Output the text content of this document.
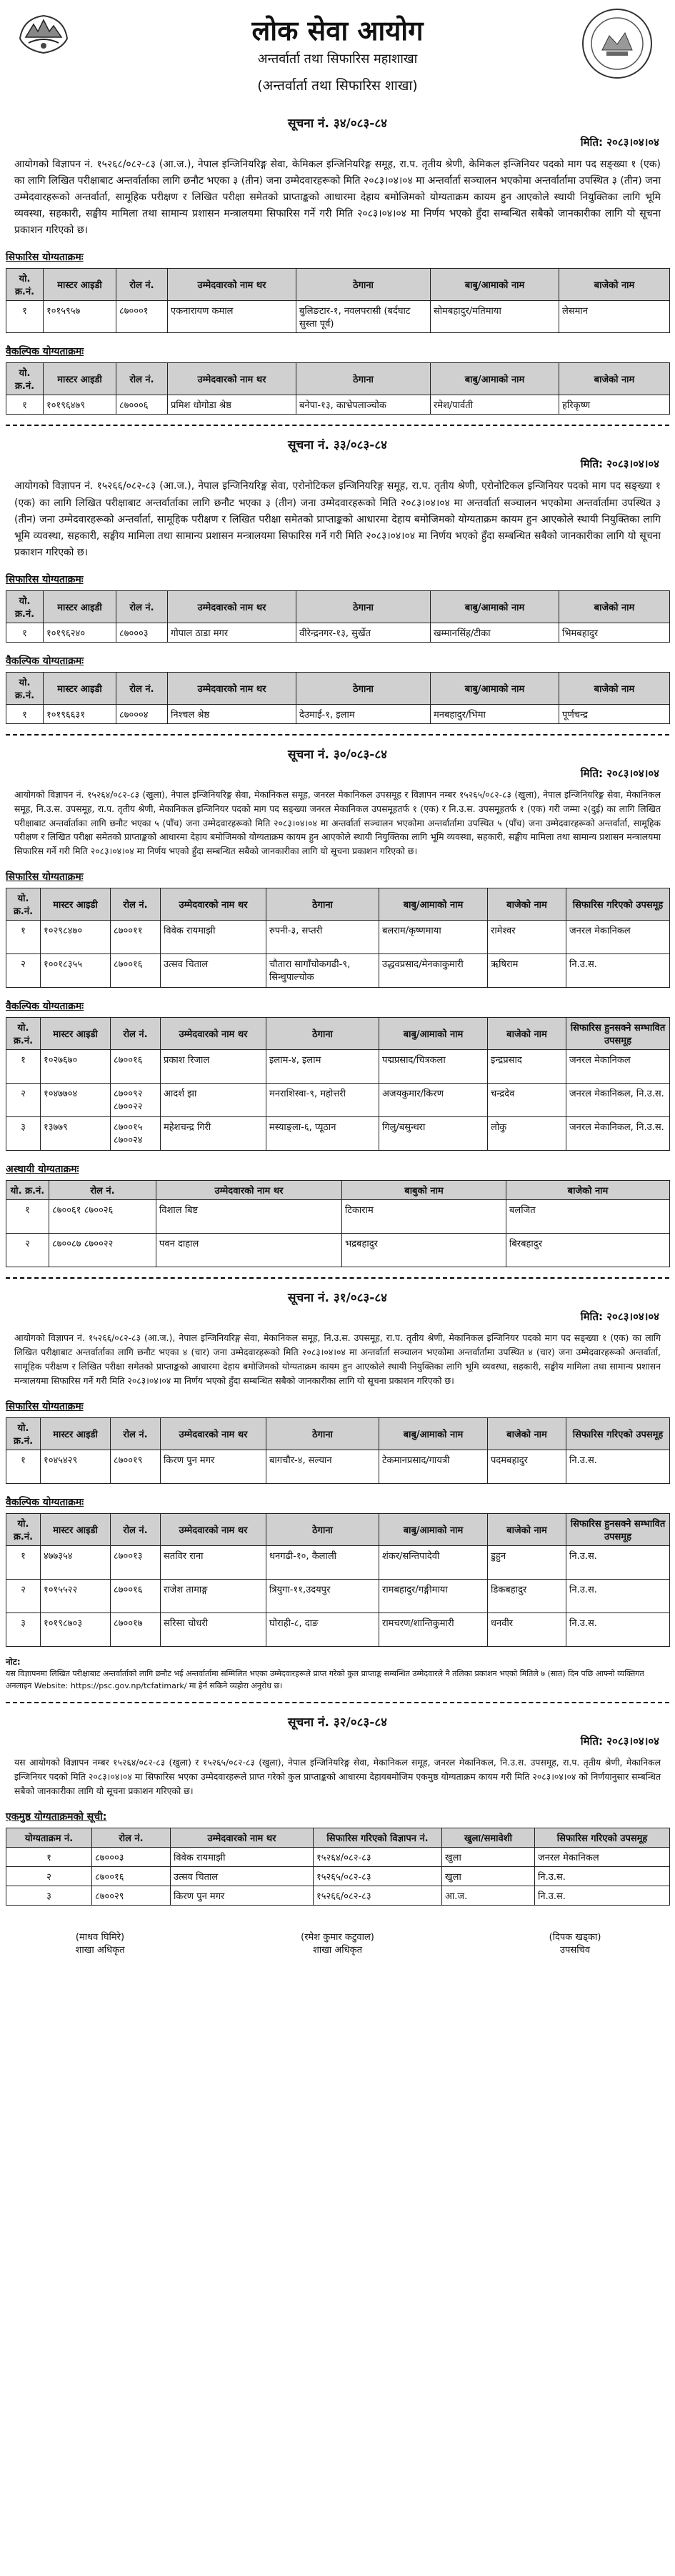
लोक सेवा आयोग
अन्तर्वार्ता तथा सिफारिस महाशाखा
(अन्तर्वार्ता तथा सिफारिस शाखा)
सूचना नं. ३४/०८३-८४
मिति: २०८३।०४।०४
आयोगको विज्ञापन नं. १५२६८/०८२-८३ (आ.ज.), नेपाल इन्जिनियरिङ्ग सेवा, केमिकल इन्जिनियरिङ्ग समूह, रा.प. तृतीय श्रेणी, केमिकल इन्जिनियर पदको माग पद सङ्ख्या १ (एक) का लागि लिखित परीक्षाबाट अन्तर्वार्ताका लागि छनौट भएका ३ (तीन) जना उम्मेदवारहरूको मिति २०८३।०४।०४ मा अन्तर्वार्ता सञ्चालन भएकोमा अन्तर्वार्तामा उपस्थित ३ (तीन) जना उम्मेदवारहरूको अन्तर्वार्ता, सामूहिक परीक्षण र लिखित परीक्षा समेतको प्राप्ताङ्कको आधारमा देहाय बमोजिमको योग्यताक्रम कायम हुन आएकोले स्थायी नियुक्तिका लागि भूमि व्यवस्था, सहकारी, सङ्घीय मामिला तथा सामान्य प्रशासन मन्त्रालयमा सिफारिस गर्ने गरी मिति २०८३।०४।०४ मा निर्णय भएको हुँदा सम्बन्धित सबैको जानकारीका लागि यो सूचना प्रकाशन गरिएको छ।
सिफारिस योग्यताक्रमः
यो. क्र.नं.	मास्टर आइडी	रोल नं.	उम्मेदवारको नाम थर	ठेगाना	बाबु/आमाको नाम	बाजेको नाम
१	१०१५९५७	८७०००१	एकनारायण कमाल	बुलिङटार-१, नवलपरासी (बर्दघाट सुस्ता पूर्व)	सोमबहादुर/मतिमाया	लेसमान
वैकल्पिक योग्यताक्रमः
यो. क्र.नं.	मास्टर आइडी	रोल नं.	उम्मेदवारको नाम थर	ठेगाना	बाबु/आमाको नाम	बाजेको नाम
१	१०१९६४७९	८७०००६	प्रमिश धोगोडा श्रेष्ठ	बनेपा-१३, काभ्रेपलाञ्चोक	रमेश/पार्वती	हरिकृष्ण
सूचना नं. ३३/०८३-८४
मिति: २०८३।०४।०४
आयोगको विज्ञापन नं. १५२६६/०८२-८३ (आ.ज.), नेपाल इन्जिनियरिङ्ग सेवा, एरोनोटिकल इन्जिनियरिङ्ग समूह, रा.प. तृतीय श्रेणी, एरोनोटिकल इन्जिनियर पदको माग पद सङ्ख्या १ (एक) का लागि लिखित परीक्षाबाट अन्तर्वार्ताका लागि छनौट भएका ३ (तीन) जना उम्मेदवारहरूको मिति २०८३।०४।०४ मा अन्तर्वार्ता सञ्चालन भएकोमा अन्तर्वार्तामा उपस्थित ३ (तीन) जना उम्मेदवारहरूको अन्तर्वार्ता, सामूहिक परीक्षण र लिखित परीक्षा समेतको प्राप्ताङ्कको आधारमा देहाय बमोजिमको योग्यताक्रम कायम हुन आएकोले स्थायी नियुक्तिका लागि भूमि व्यवस्था, सहकारी, सङ्घीय मामिला तथा सामान्य प्रशासन मन्त्रालयमा सिफारिस गर्ने गरी मिति २०८३।०४।०४ मा निर्णय भएको हुँदा सम्बन्धित सबैको जानकारीका लागि यो सूचना प्रकाशन गरिएको छ।
सिफारिस योग्यताक्रमः
यो. क्र.नं.	मास्टर आइडी	रोल नं.	उम्मेदवारको नाम थर	ठेगाना	बाबु/आमाको नाम	बाजेको नाम
१	१०१९६२४०	८७०००३	गोपाल ठाडा मगर	वीरेन्द्रनगर-१३, सुर्खेत	खम्मानसिंह/टीका	भिमबहादुर
वैकल्पिक योग्यताक्रमः
यो. क्र.नं.	मास्टर आइडी	रोल नं.	उम्मेदवारको नाम थर	ठेगाना	बाबु/आमाको नाम	बाजेको नाम
१	१०१९६६३१	८७०००४	निश्चल श्रेष्ठ	देउमाई-१, इलाम	मनबहादुर/भिमा	पूर्णचन्द्र
सूचना नं. ३०/०८३-८४
मिति: २०८३।०४।०४
आयोगको विज्ञापन नं. १५२६४/०८२-८३ (खुला), नेपाल इन्जिनियरिङ्ग सेवा, मेकानिकल समूह, जनरल मेकानिकल उपसमूह र विज्ञापन नम्बर १५२६५/०८२-८३ (खुला), नेपाल इन्जिनियरिङ्ग सेवा, मेकानिकल समूह, नि.उ.स. उपसमूह, रा.प. तृतीय श्रेणी, मेकानिकल इन्जिनियर पदको माग पद सङ्ख्या जनरल मेकानिकल उपसमूहतर्फ १ (एक) र नि.उ.स. उपसमूहतर्फ १ (एक) गरी जम्मा २(दुई) का लागि लिखित परीक्षाबाट अन्तर्वार्ताका लागि छनौट भएका ५ (पाँच) जना उम्मेदवारहरूको मिति २०८३।०४।०४ मा अन्तर्वार्ता सञ्चालन भएकोमा अन्तर्वार्तामा उपस्थित ५ (पाँच) जना उम्मेदवारहरूको अन्तर्वार्ता, सामूहिक परीक्षण र लिखित परीक्षा समेतको प्राप्ताङ्कको आधारमा देहाय बमोजिमको योग्यताक्रम कायम हुन आएकोले स्थायी नियुक्तिका लागि भूमि व्यवस्था, सहकारी, सङ्घीय मामिला तथा सामान्य प्रशासन मन्त्रालयमा सिफारिस गर्ने गरी मिति २०८३।०४।०४ मा निर्णय भएको हुँदा सम्बन्धित सबैको जानकारीका लागि यो सूचना प्रकाशन गरिएको छ।
सिफारिस योग्यताक्रमः
यो. क्र.नं.	मास्टर आइडी	रोल नं.	उम्मेदवारको नाम थर	ठेगाना	बाबु/आमाको नाम	बाजेको नाम	सिफारिस गरिएको उपसमूह
१	१०२९८४७०	८७००११	विवेक रायमाझी	रुपनी-३, सप्तरी	बलराम/कृष्णमाया	रामेश्वर	जनरल मेकानिकल
२	१००१८३५५	८७००१६	उत्सव चिताल	चौतारा सागाँचोकगढी-९, सिन्धुपाल्चोक	उद्धवप्रसाद/मेनकाकुमारी	ऋषिराम	नि.उ.स.
वैकल्पिक योग्यताक्रमः
यो. क्र.नं.	मास्टर आइडी	रोल नं.	उम्मेदवारको नाम थर	ठेगाना	बाबु/आमाको नाम	बाजेको नाम	सिफारिस हुनसक्ने सम्भावित उपसमूह
१	१०२७६७०	८७००१६	प्रकाश रिजाल	इलाम-४, इलाम	पद्मप्रसाद/चित्रकला	इन्द्रप्रसाद	जनरल मेकानिकल
२	१०४७७०४	८७००९२ ८७००२२	आदर्श झा	मनराशिस्वा-९, महोत्तरी	अजयकुमार/किरण	चन्द्रदेव	जनरल मेकानिकल, नि.उ.स.
३	१३७७९	८७००१५ ८७००२४	महेशचन्द्र गिरी	मस्याङ्ला-६, प्यूठान	गिलु/बसुन्धरा	लोकु	जनरल मेकानिकल, नि.उ.स.
अस्थायी योग्यताक्रमः
यो. क्र.नं.	रोल नं.	उम्मेदवारको नाम थर	बाबुको नाम	बाजेको नाम
१	८७००६१ ८७००२६	विशाल बिष्ट	टिकाराम	बलजित
२	८७००८७ ८७००२२	पवन दाहाल	भद्रबहादुर	बिरबहादुर
सूचना नं. ३१/०८३-८४
मिति: २०८३।०४।०४
आयोगको विज्ञापन नं. १५२६६/०८२-८३ (आ.ज.), नेपाल इन्जिनियरिङ्ग सेवा, मेकानिकल समूह, नि.उ.स. उपसमूह, रा.प. तृतीय श्रेणी, मेकानिकल इन्जिनियर पदको माग पद सङ्ख्या १ (एक) का लागि लिखित परीक्षाबाट अन्तर्वार्ताका लागि छनौट भएका ४ (चार) जना उम्मेदवारहरूको मिति २०८३।०४।०४ मा अन्तर्वार्ता सञ्चालन भएकोमा अन्तर्वार्तामा उपस्थित ४ (चार) जना उम्मेदवारहरूको अन्तर्वार्ता, सामूहिक परीक्षण र लिखित परीक्षा समेतको प्राप्ताङ्कको आधारमा देहाय बमोजिमको योग्यताक्रम कायम हुन आएकोले स्थायी नियुक्तिका लागि भूमि व्यवस्था, सहकारी, सङ्घीय मामिला तथा सामान्य प्रशासन मन्त्रालयमा सिफारिस गर्ने गरी मिति २०८३।०४।०४ मा निर्णय भएको हुँदा सम्बन्धित सबैको जानकारीका लागि यो सूचना प्रकाशन गरिएको छ।
सिफारिस योग्यताक्रमः
यो. क्र.नं.	मास्टर आइडी	रोल नं.	उम्मेदवारको नाम थर	ठेगाना	बाबु/आमाको नाम	बाजेको नाम	सिफारिस गरिएको उपसमूह
१	१०४५४२९	८७००१९	किरण पुन मगर	बागचौर-४, सल्यान	टेकमानप्रसाद/गायत्री	पदमबहादुर	नि.उ.स.
वैकल्पिक योग्यताक्रमः
यो. क्र.नं.	मास्टर आइडी	रोल नं.	उम्मेदवारको नाम थर	ठेगाना	बाबु/आमाको नाम	बाजेको नाम	सिफारिस हुनसक्ने सम्भावित उपसमूह
१	४७७३५४	८७००१३	सतविर राना	धनगढी-१०, कैलाली	शंकर/सन्तिपादेवी	डुहुन	नि.उ.स.
२	१०१५५२२	८७००१६	राजेश तामाङ्ग	त्रियुगा-११,उदयपुर	रामबहादुर/गङ्गीमाया	डिकबहादुर	नि.उ.स.
३	१०१९८७०३	८७००१७	सरिसा चोधरी	घोराही-८, दाङ	रामचरण/शान्तिकुमारी	धनवीर	नि.उ.स.
नोट:
यस विज्ञापनमा लिखित परीक्षाबाट अन्तर्वार्ताको लागि छनौट भई अन्तर्वार्तामा सम्मिलित भएका उम्मेदवारहरूले प्राप्त गरेको कुल प्राप्ताङ्क सम्बन्धित उम्मेदवारले नै तलिका प्रकाशन भएको मितिले ७ (सात) दिन पछि आफ्नो व्यक्तिगत अनलाइन Website: https://psc.gov.np/tcfatimark/ मा हेर्न सकिने व्यहोरा अनुरोध छ।
सूचना नं. ३२/०८३-८४
मिति: २०८३।०४।०४
यस आयोगको विज्ञापन नम्बर १५२६४/०८२-८३ (खुला) र १५२६५/०८२-८३ (खुला), नेपाल इन्जिनियरिङ्ग सेवा, मेकानिकल समूह, जनरल मेकानिकल, नि.उ.स. उपसमूह, रा.प. तृतीय श्रेणी, मेकानिकल इन्जिनियर पदको मिति २०८३।०४।०४ मा सिफारिस भएका उम्मेदवारहरूले प्राप्त गरेको कुल प्राप्ताङ्कको आधारमा देहायबमोजिम एकमुष्ठ योग्यताक्रम कायम गरी मिति २०८३।०४।०४ को निर्णयानुसार सम्बन्धित सबैको जानकारीका लागि यो सूचना प्रकाशन गरिएको छ।
एकमुष्ठ योग्यताक्रमको सूची:
योग्यताक्रम नं.	रोल नं.	उम्मेदवारको नाम थर	सिफारिस गरिएको विज्ञापन नं.	खुला/समावेशी	सिफारिस गरिएको उपसमूह
१	८७०००३	विवेक रायमाझी	१५२६४/०८२-८३	खुला	जनरल मेकानिकल
२	८७००१६	उत्सव चिताल	१५२६५/०८२-८३	खुला	नि.उ.स.
३	८७००२९	किरण पुन मगर	१५२६६/०८२-८३	आ.ज.	नि.उ.स.
(माधव घिमिरे)
शाखा अधिकृत
(रमेश कुमार कटुवाल)
शाखा अधिकृत
(दिपक खड्का)
उपसचिव
